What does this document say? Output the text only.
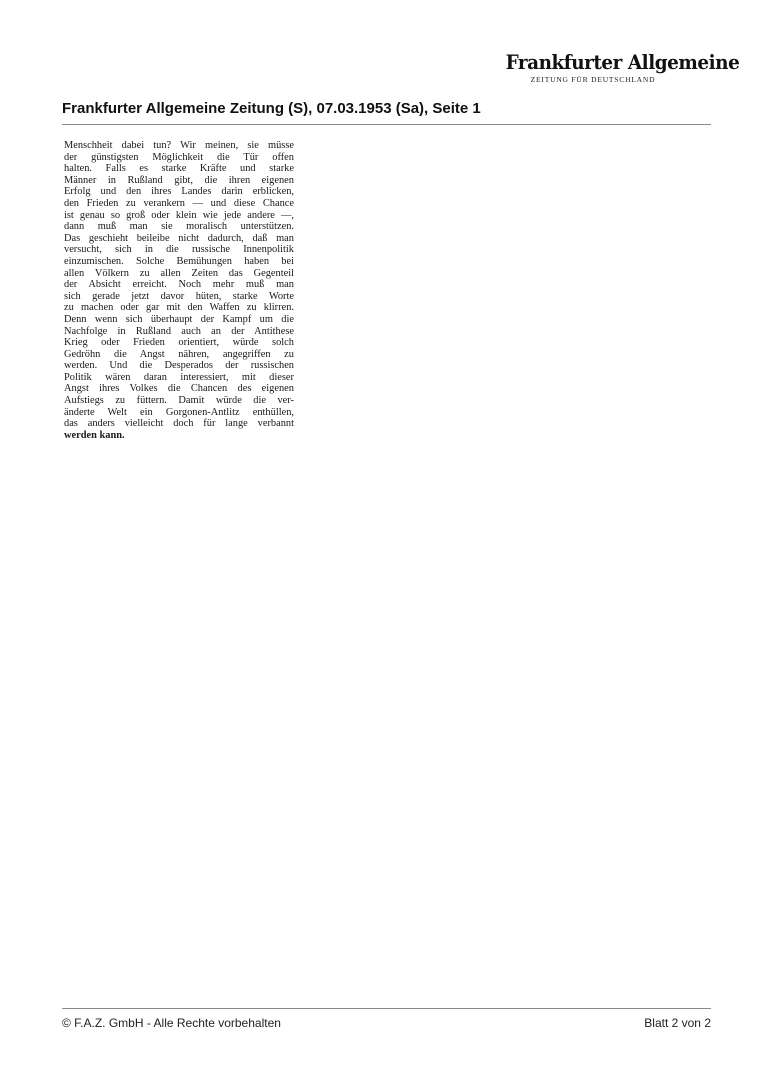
Frankfurter Allgemeine
ZEITUNG FÜR DEUTSCHLAND
Frankfurter Allgemeine Zeitung (S), 07.03.1953 (Sa), Seite 1
Menschheit dabei tun? Wir meinen, sie müsse
der günstigsten Möglichkeit die Tür offen
halten. Falls es starke Kräfte und starke
Männer in Rußland gibt, die ihren eigenen
Erfolg und den ihres Landes darin erblicken,
den Frieden zu verankern — und diese Chance
ist genau so groß oder klein wie jede andere —,
dann muß man sie moralisch unterstützen.
Das geschieht beileibe nicht dadurch, daß man
versucht, sich in die russische Innenpolitik
einzumischen. Solche Bemühungen haben bei
allen Völkern zu allen Zeiten das Gegenteil
der Absicht erreicht. Noch mehr muß man
sich gerade jetzt davor hüten, starke Worte
zu machen oder gar mit den Waffen zu klirren.
Denn wenn sich überhaupt der Kampf um die
Nachfolge in Rußland auch an der Antithese
Krieg oder Frieden orientiert, würde solch
Gedröhn die Angst nähren, angegriffen zu
werden. Und die Desperados der russischen
Politik wären daran interessiert, mit dieser
Angst ihres Volkes die Chancen des eigenen
Aufstiegs zu füttern. Damit würde die ver-
änderte Welt ein Gorgonen-Antlitz enthüllen,
das anders vielleicht doch für lange verbannt
werden kann.
© F.A.Z. GmbH - Alle Rechte vorbehalten	Blatt 2 von 2
